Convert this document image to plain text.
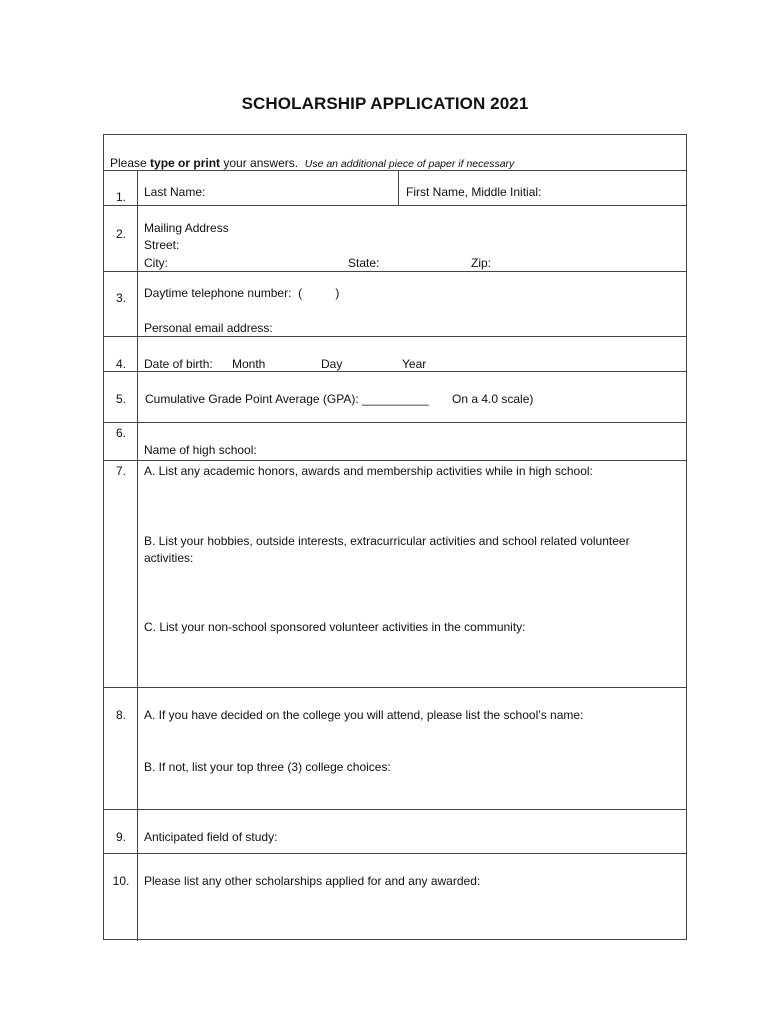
SCHOLARSHIP APPLICATION 2021
Please type or print your answers. Use an additional piece of paper if necessary
1.	Last Name:	First Name, Middle Initial:
2.	Mailing Address
Street:
City:	State:	Zip:
3.	Daytime telephone number:  (          )
Personal email address:
4.	Date of birth: Month	Day	Year
5.	Cumulative Grade Point Average (GPA): __________ On a 4.0 scale)
6.
Name of high school:
7.	A. List any academic honors, awards and membership activities while in high school:
B. List your hobbies, outside interests, extracurricular activities and school related volunteer activities:
C. List your non-school sponsored volunteer activities in the community:
8.	A. If you have decided on the college you will attend, please list the school’s name:
B. If not, list your top three (3) college choices:
9.	Anticipated field of study:
10.	Please list any other scholarships applied for and any awarded:
